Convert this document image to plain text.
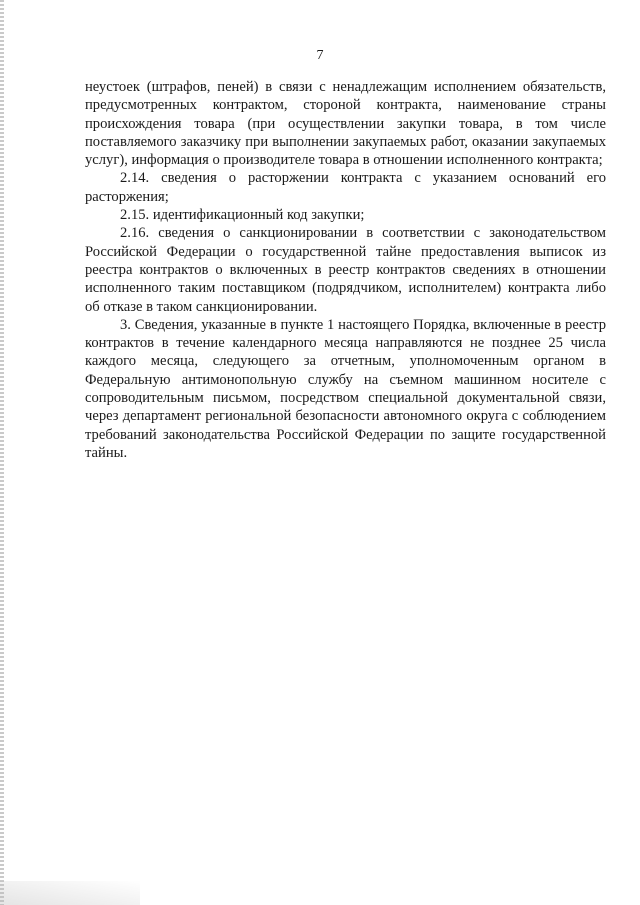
7

неустоек (штрафов, пеней) в связи с ненадлежащим исполнением обязательств, предусмотренных контрактом, стороной контракта, наименование страны происхождения товара (при осуществлении закупки товара, в том числе поставляемого заказчику при выполнении закупаемых работ, оказании закупаемых услуг), информация о производителе товара в отношении исполненного контракта;

2.14. сведения о расторжении контракта с указанием оснований его расторжения;

2.15. идентификационный код закупки;

2.16. сведения о санкционировании в соответствии с законодательством Российской Федерации о государственной тайне предоставления выписок из реестра контрактов о включенных в реестр контрактов сведениях в отношении исполненного таким поставщиком (подрядчиком, исполнителем) контракта либо об отказе в таком санкционировании.

3. Сведения, указанные в пункте 1 настоящего Порядка, включенные в реестр контрактов в течение календарного месяца направляются не позднее 25 числа каждого месяца, следующего за отчетным, уполномоченным органом в Федеральную антимонопольную службу на съемном машинном носителе с сопроводительным письмом, посредством специальной документальной связи, через департамент региональной безопасности автономного округа с соблюдением требований законодательства Российской Федерации по защите государственной тайны.
